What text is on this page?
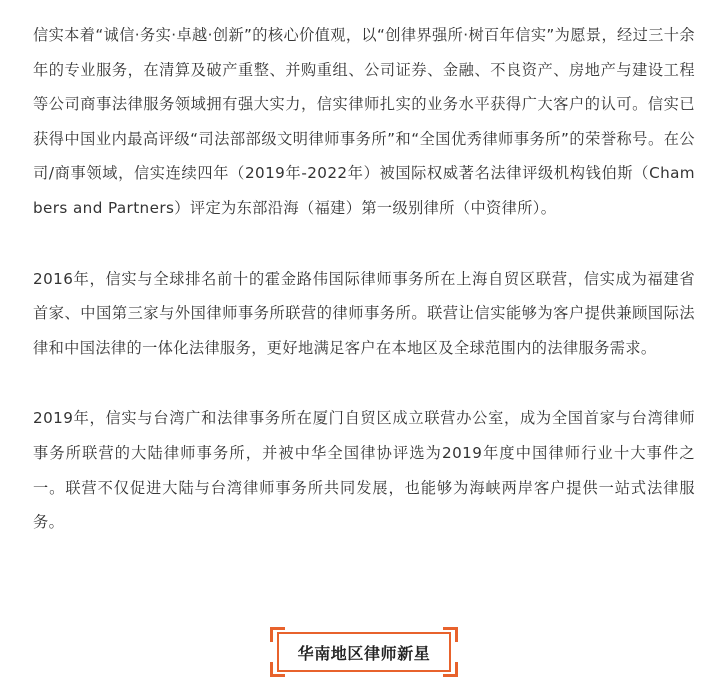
信实本着“诚信·务实·卓越·创新”的核心价值观，以“创律界强所·树百年信实”为愿景，经过三十余年的专业服务，在清算及破产重整、并购重组、公司证券、金融、不良资产、房地产与建设工程等公司商事法律服务领域拥有强大实力，信实律师扎实的业务水平获得广大客户的认可。信实已获得中国业内最高评级“司法部部级文明律师事务所”和“全国优秀律师事务所”的荣誉称号。在公司/商事领域，信实连续四年（2019年-2022年）被国际权威著名法律评级机构钱伯斯（Chambers and Partners）评定为东部沿海（福建）第一级别律所（中资律所）。

2016年，信实与全球排名前十的霍金路伟国际律师事务所在上海自贸区联营，信实成为福建省首家、中国第三家与外国律师事务所联营的律师事务所。联营让信实能够为客户提供兼顾国际法律和中国法律的一体化法律服务，更好地满足客户在本地区及全球范围内的法律服务需求。

2019年，信实与台湾广和法律事务所在厦门自贸区成立联营办公室，成为全国首家与台湾律师事务所联营的大陆律师事务所，并被中华全国律协评选为2019年度中国律师行业十大事件之一。联营不仅促进大陆与台湾律师事务所共同发展，也能够为海峡两岸客户提供一站式法律服务。

华南地区律师新星
